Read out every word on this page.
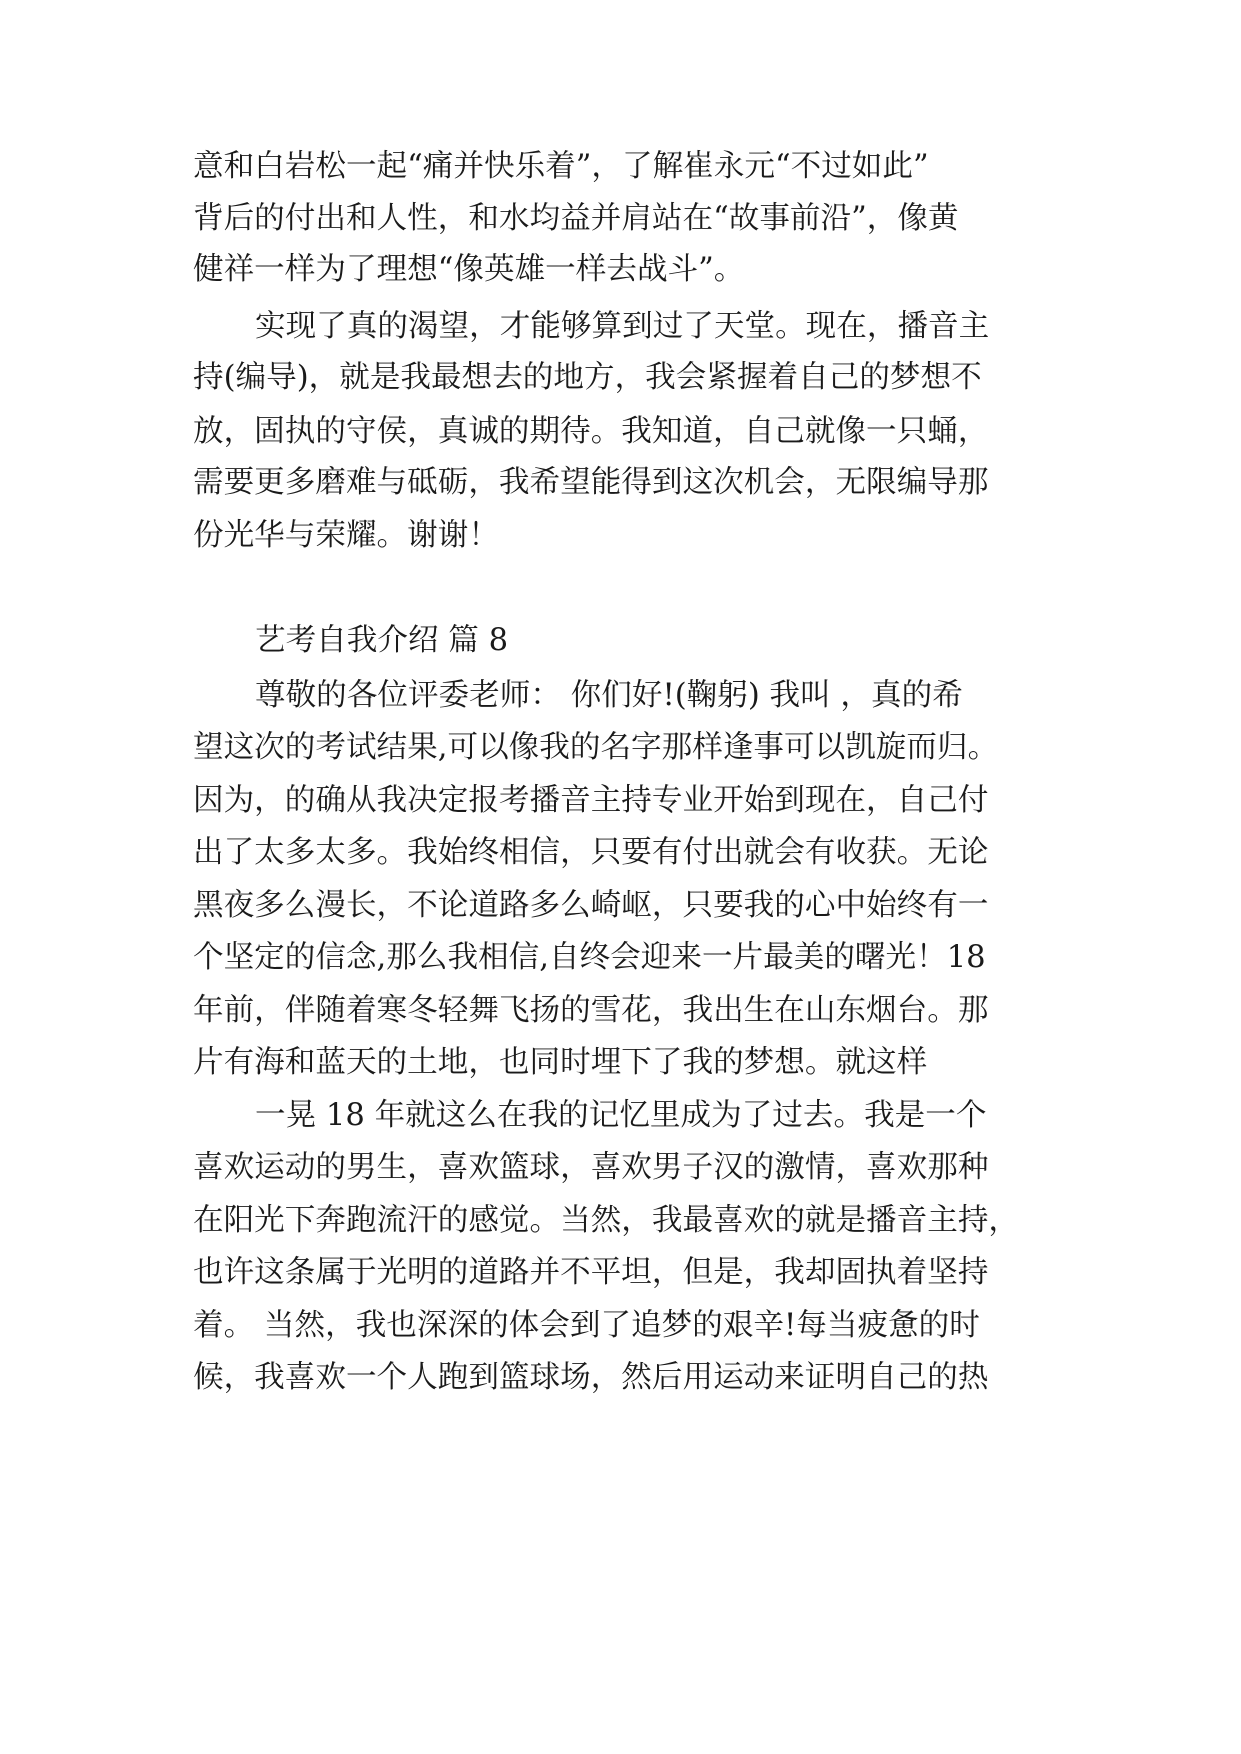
意和白岩松一起“痛并快乐着”，了解崔永元“不过如此”
背后的付出和人性，和水均益并肩站在“故事前沿”，像黄
健祥一样为了理想“像英雄一样去战斗”。
实现了真的渴望，才能够算到过了天堂。现在，播音主
持(编导)，就是我最想去的地方，我会紧握着自己的梦想不
放，固执的守侯，真诚的期待。我知道，自己就像一只蛹，
需要更多磨难与砥砺，我希望能得到这次机会，无限编导那
份光华与荣耀。谢谢！
艺考自我介绍 篇 8
尊敬的各位评委老师： 你们好!(鞠躬) 我叫 ，真的希
望这次的考试结果,可以像我的名字那样逢事可以凯旋而归。
因为，的确从我决定报考播音主持专业开始到现在，自己付
出了太多太多。我始终相信，只要有付出就会有收获。无论
黑夜多么漫长，不论道路多么崎岖，只要我的心中始终有一
个坚定的信念,那么我相信,自终会迎来一片最美的曙光！18
年前，伴随着寒冬轻舞飞扬的雪花，我出生在山东烟台。那
片有海和蓝天的土地，也同时埋下了我的梦想。就这样
一晃 18 年就这么在我的记忆里成为了过去。我是一个
喜欢运动的男生，喜欢篮球，喜欢男子汉的激情，喜欢那种
在阳光下奔跑流汗的感觉。当然，我最喜欢的就是播音主持，
也许这条属于光明的道路并不平坦，但是，我却固执着坚持
着。 当然，我也深深的体会到了追梦的艰辛!每当疲惫的时
候，我喜欢一个人跑到篮球场，然后用运动来证明自己的热
